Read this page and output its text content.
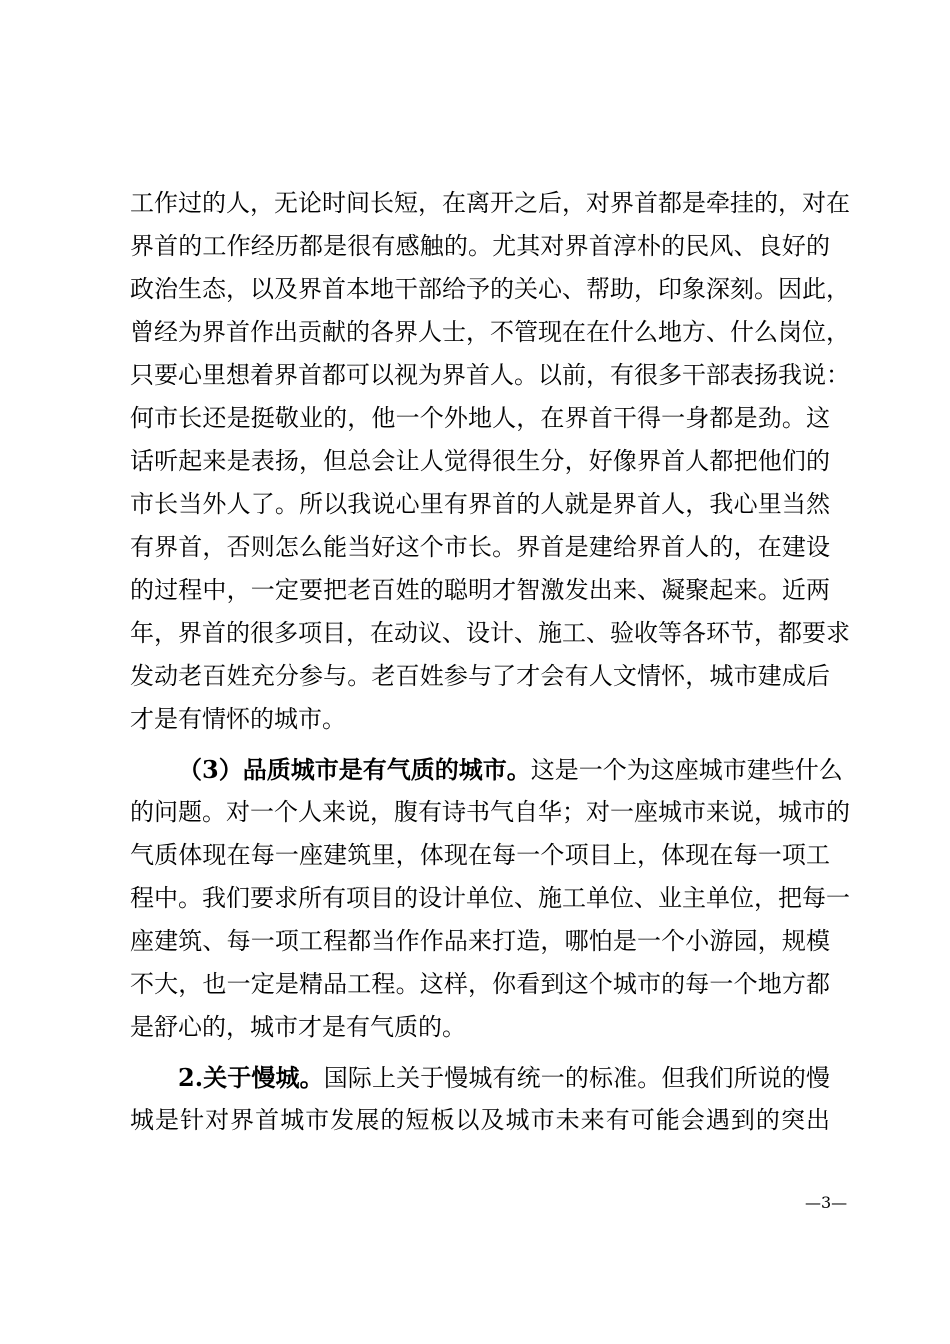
工作过的人，无论时间长短，在离开之后，对界首都是牵挂的，对在
界首的工作经历都是很有感触的。尤其对界首淳朴的民风、良好的
政治生态，以及界首本地干部给予的关心、帮助，印象深刻。因此，
曾经为界首作出贡献的各界人士，不管现在在什么地方、什么岗位，
只要心里想着界首都可以视为界首人。以前，有很多干部表扬我说：
何市长还是挺敬业的，他一个外地人，在界首干得一身都是劲。这
话听起来是表扬，但总会让人觉得很生分，好像界首人都把他们的
市长当外人了。所以我说心里有界首的人就是界首人，我心里当然
有界首，否则怎么能当好这个市长。界首是建给界首人的，在建设
的过程中，一定要把老百姓的聪明才智激发出来、凝聚起来。近两
年，界首的很多项目，在动议、设计、施工、验收等各环节，都要求
发动老百姓充分参与。老百姓参与了才会有人文情怀，城市建成后
才是有情怀的城市。
（3）品质城市是有气质的城市。这是一个为这座城市建些什么
的问题。对一个人来说，腹有诗书气自华；对一座城市来说，城市的
气质体现在每一座建筑里，体现在每一个项目上，体现在每一项工
程中。我们要求所有项目的设计单位、施工单位、业主单位，把每一
座建筑、每一项工程都当作作品来打造，哪怕是一个小游园，规模
不大，也一定是精品工程。这样，你看到这个城市的每一个地方都
是舒心的，城市才是有气质的。
2.关于慢城。国际上关于慢城有统一的标准。但我们所说的慢
城是针对界首城市发展的短板以及城市未来有可能会遇到的突出
—3—
